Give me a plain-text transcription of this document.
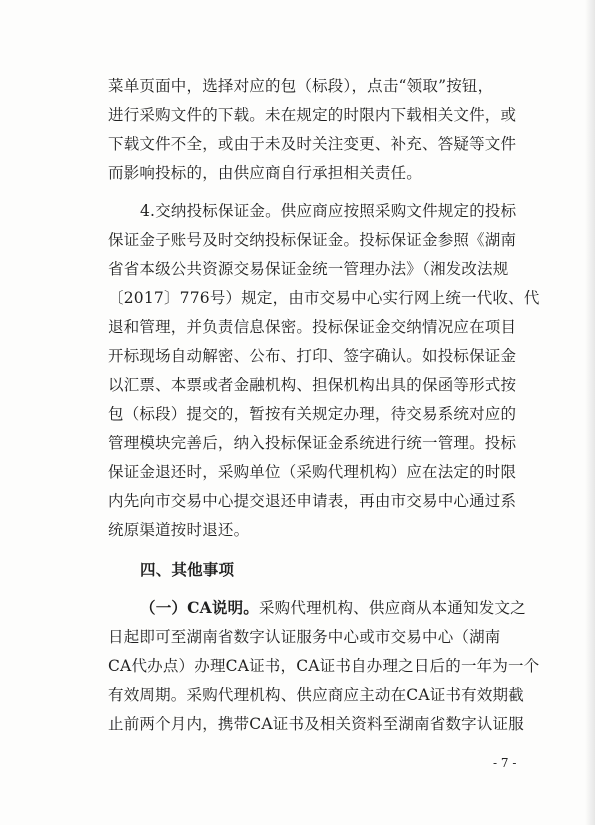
菜单页面中，选择对应的包（标段），点击“领取”按钮，
进行采购文件的下载。未在规定的时限内下载相关文件，或
下载文件不全，或由于未及时关注变更、补充、答疑等文件
而影响投标的，由供应商自行承担相关责任。
4.交纳投标保证金。供应商应按照采购文件规定的投标
保证金子账号及时交纳投标保证金。投标保证金参照《湖南
省省本级公共资源交易保证金统一管理办法》（湘发改法规
〔2017〕776号）规定，由市交易中心实行网上统一代收、代
退和管理，并负责信息保密。投标保证金交纳情况应在项目
开标现场自动解密、公布、打印、签字确认。如投标保证金
以汇票、本票或者金融机构、担保机构出具的保函等形式按
包（标段）提交的，暂按有关规定办理，待交易系统对应的
管理模块完善后，纳入投标保证金系统进行统一管理。投标
保证金退还时，采购单位（采购代理机构）应在法定的时限
内先向市交易中心提交退还申请表，再由市交易中心通过系
统原渠道按时退还。
四、其他事项
（一）CA说明。采购代理机构、供应商从本通知发文之
日起即可至湖南省数字认证服务中心或市交易中心（湖南
CA代办点）办理CA证书，CA证书自办理之日后的一年为一个
有效周期。采购代理机构、供应商应主动在CA证书有效期截
止前两个月内，携带CA证书及相关资料至湖南省数字认证服
- 7 -
